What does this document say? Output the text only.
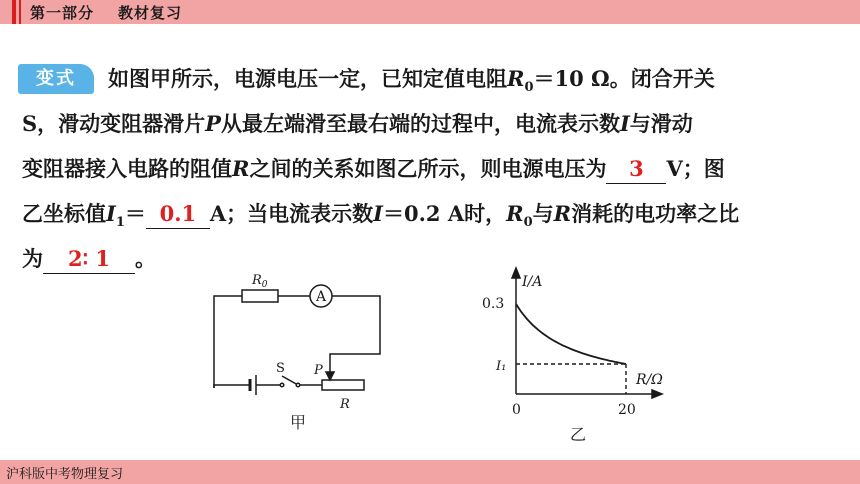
第一部分 教材复习
变式	如图甲所示，电源电压一定，已知定值电阻$R_0=10$ Ω。闭合开关
S，滑动变阻器滑片P从最左端滑至最右端的过程中，电流表示数I与滑动
变阻器接入电路的阻值R之间的关系如图乙所示，则电源电压为 3 V；图
乙坐标值$I_1= 0.1$ A；当电流表示数I＝0.2 A时，$R_0$与R消耗的电功率之比
为 2∶ 1 。
$R_0$
A
S P
R
甲
I/A
R/Ω
0.3
I₁
0	20
乙
沪科版中考物理复习
